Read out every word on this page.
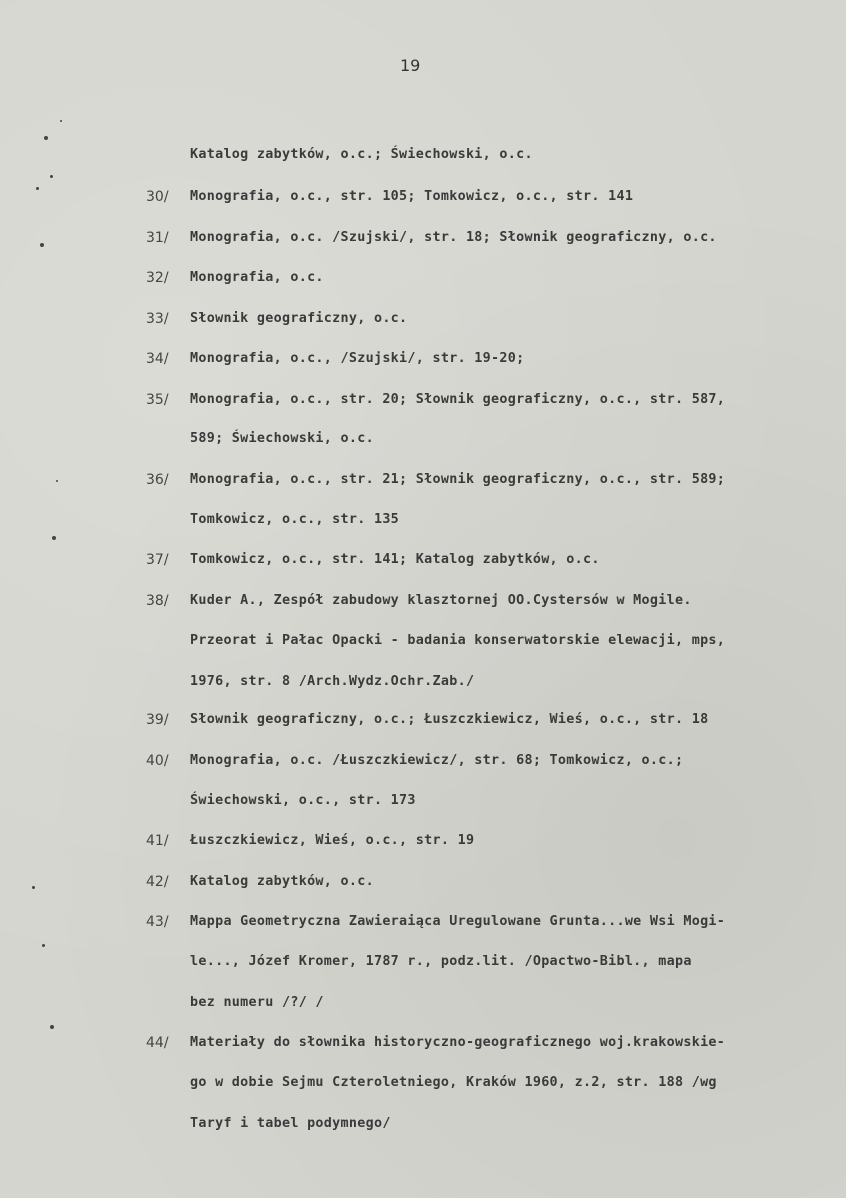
19
Katalog zabytków, o.c.; Świechowski, o.c.
30/ Monografia, o.c., str. 105; Tomkowicz, o.c., str. 141
31/ Monografia, o.c. /Szujski/, str. 18; Słownik geograficzny, o.c.
32/ Monografia, o.c.
33/ Słownik geograficzny, o.c.
34/ Monografia, o.c., /Szujski/, str. 19-20;
35/ Monografia, o.c., str. 20; Słownik geograficzny, o.c., str. 587,
589; Świechowski, o.c.
36/ Monografia, o.c., str. 21; Słownik geograficzny, o.c., str. 589;
Tomkowicz, o.c., str. 135
37/ Tomkowicz, o.c., str. 141; Katalog zabytków, o.c.
38/ Kuder A., Zespół zabudowy klasztornej OO.Cystersów w Mogile.
Przeorat i Pałac Opacki - badania konserwatorskie elewacji, mps,
1976, str. 8 /Arch.Wydz.Ochr.Zab./
39/ Słownik geograficzny, o.c.; Łuszczkiewicz, Wieś, o.c., str. 18
40/ Monografia, o.c. /Łuszczkiewicz/, str. 68; Tomkowicz, o.c.;
Świechowski, o.c., str. 173
41/ Łuszczkiewicz, Wieś, o.c., str. 19
42/ Katalog zabytków, o.c.
43/ Mappa Geometryczna Zawieraiąca Uregulowane Grunta...we Wsi Mogi-
le..., Józef Kromer, 1787 r., podz.lit. /Opactwo-Bibl., mapa
bez numeru /?/ /
44/ Materiały do słownika historyczno-geograficznego woj.krakowskie-
go w dobie Sejmu Czteroletniego, Kraków 1960, z.2, str. 188 /wg
Taryf i tabel podymnego/
